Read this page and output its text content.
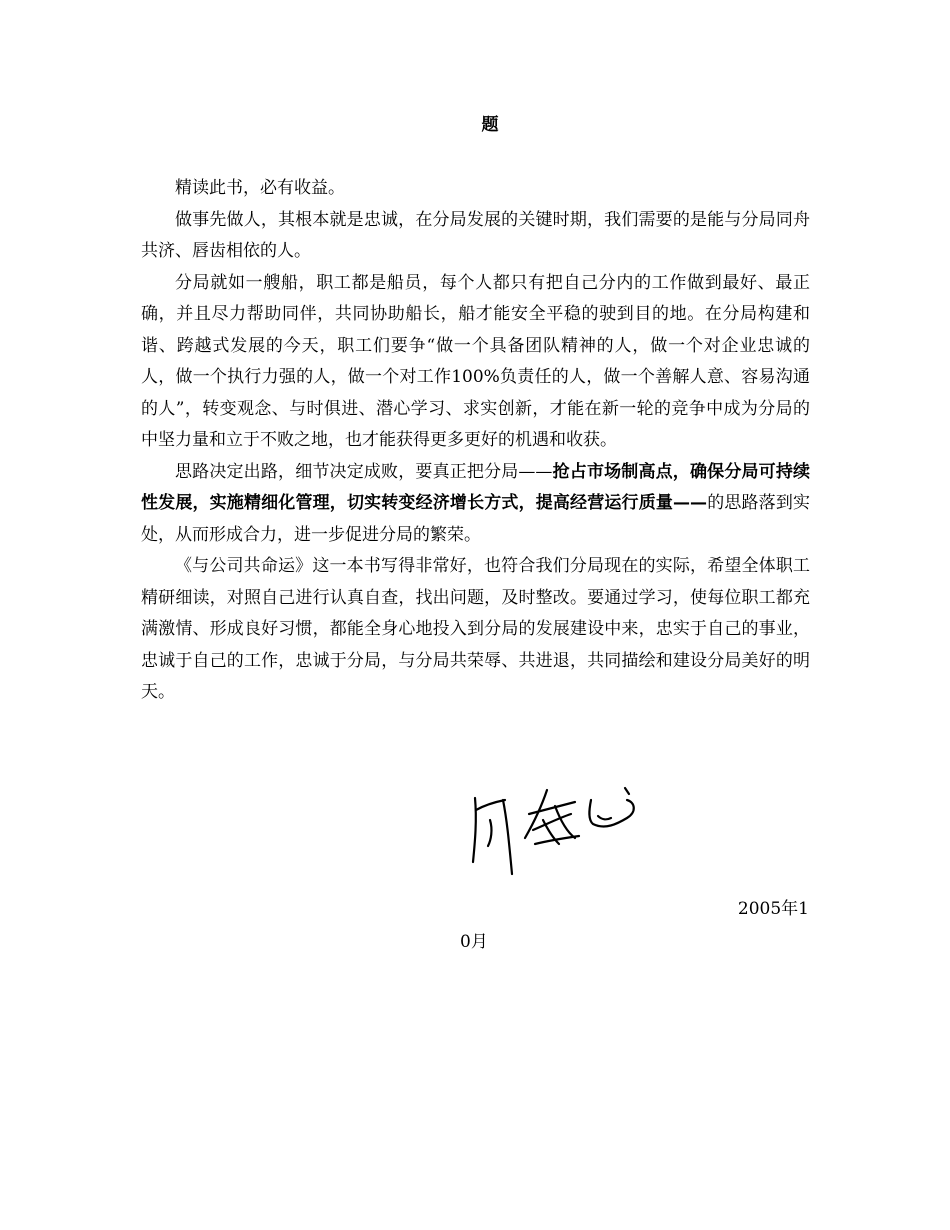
题

精读此书，必有收益。

做事先做人，其根本就是忠诚，在分局发展的关键时期，我们需要的是能与分局同舟共济、唇齿相依的人。

分局就如一艘船，职工都是船员，每个人都只有把自己分内的工作做到最好、最正确，并且尽力帮助同伴，共同协助船长，船才能安全平稳的驶到目的地。在分局构建和谐、跨越式发展的今天，职工们要争“做一个具备团队精神的人，做一个对企业忠诚的人，做一个执行力强的人，做一个对工作100%负责任的人，做一个善解人意、容易沟通的人”，转变观念、与时俱进、潜心学习、求实创新，才能在新一轮的竞争中成为分局的中坚力量和立于不败之地，也才能获得更多更好的机遇和收获。

思路决定出路，细节决定成败，要真正把分局——抢占市场制高点，确保分局可持续性发展，实施精细化管理，切实转变经济增长方式，提高经营运行质量——的思路落到实处，从而形成合力，进一步促进分局的繁荣。

《与公司共命运》这一本书写得非常好，也符合我们分局现在的实际，希望全体职工精研细读，对照自己进行认真自查，找出问题，及时整改。要通过学习，使每位职工都充满激情、形成良好习惯，都能全身心地投入到分局的发展建设中来，忠实于自己的事业，忠诚于自己的工作，忠诚于分局，与分局共荣辱、共进退，共同描绘和建设分局美好的明天。

2005年1
0月
